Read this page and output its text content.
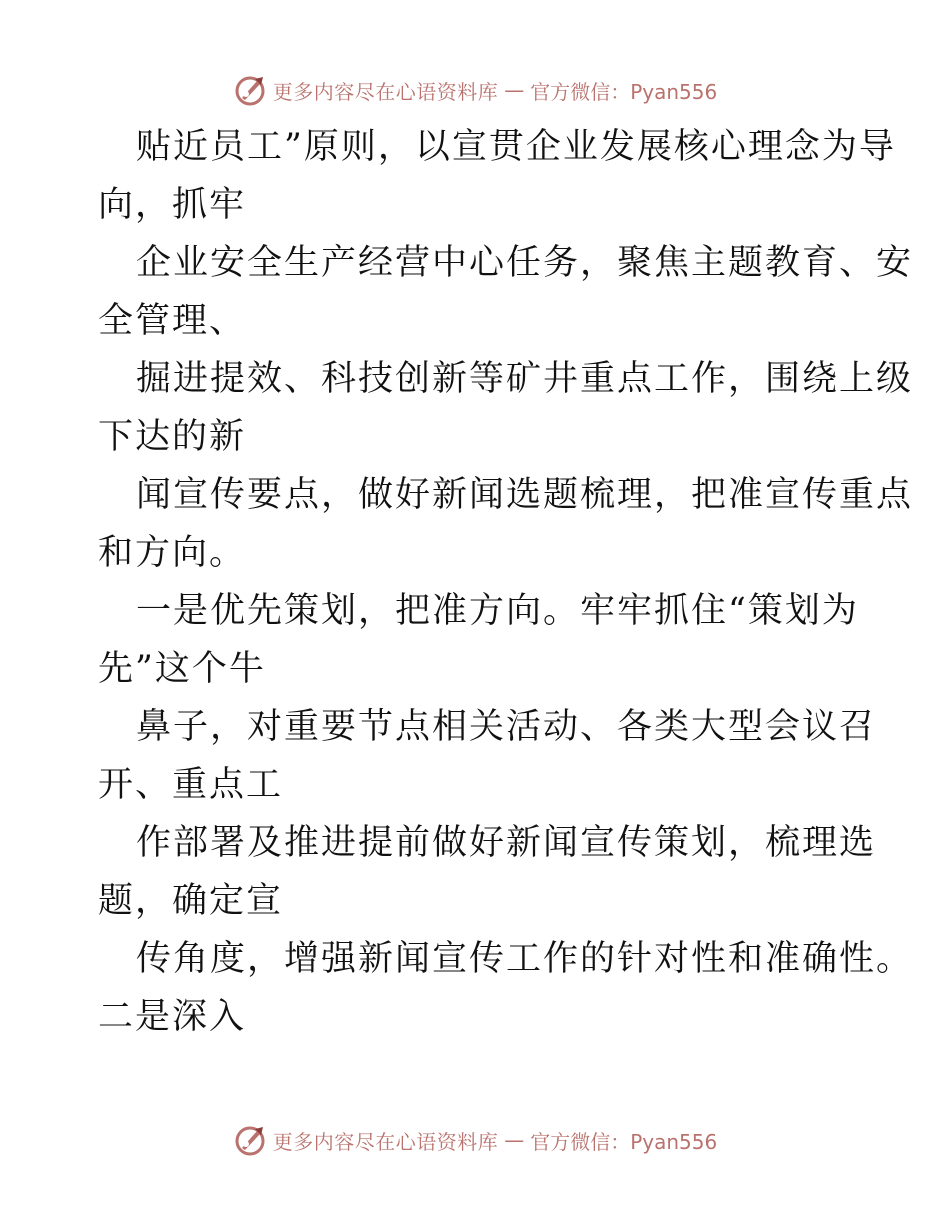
更多内容尽在心语资料库 — 官方微信：Pyan556
贴近员工”原则，以宣贯企业发展核心理念为导
向，抓牢
企业安全生产经营中心任务，聚焦主题教育、安
全管理、
掘进提效、科技创新等矿井重点工作，围绕上级
下达的新
闻宣传要点，做好新闻选题梳理，把准宣传重点
和方向。
一是优先策划，把准方向。牢牢抓住“策划为
先”这个牛
鼻子，对重要节点相关活动、各类大型会议召
开、重点工
作部署及推进提前做好新闻宣传策划，梳理选
题，确定宣
传角度，增强新闻宣传工作的针对性和准确性。
二是深入
更多内容尽在心语资料库 — 官方微信：Pyan556
